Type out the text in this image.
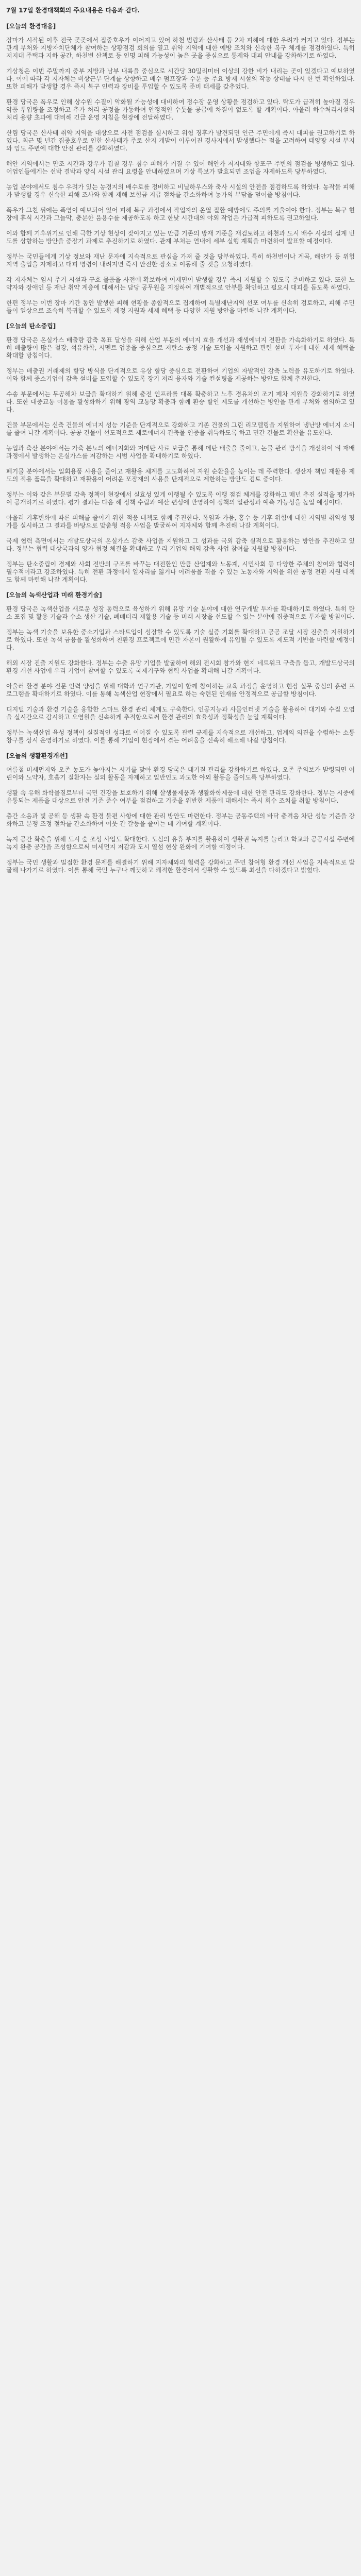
7월 17일 환경대책회의 주요내용은 다음과 같다.

[오늘의 환경대응]

장마가 시작된 이후 전국 곳곳에서 집중호우가 이어지고 있어 하천 범람과 산사태 등 2차 피해에 대한 우려가 커지고 있다. 정부는 관계 부처와 지방자치단체가 참여하는 상황점검 회의를 열고 취약 지역에 대한 예방 조치와 신속한 복구 체계를 점검하였다. 특히 저지대 주택과 지하 공간, 하천변 산책로 등 인명 피해 가능성이 높은 곳을 중심으로 통제와 대피 안내를 강화하기로 하였다.

기상청은 이번 주말까지 중부 지방과 남부 내륙을 중심으로 시간당 30밀리미터 이상의 강한 비가 내리는 곳이 있겠다고 예보하였다. 이에 따라 각 지자체는 비상근무 단계를 상향하고 배수 펌프장과 수문 등 주요 방재 시설의 작동 상태를 다시 한 번 확인하였다. 또한 피해가 발생할 경우 즉시 복구 인력과 장비를 투입할 수 있도록 준비 태세를 갖추었다.

환경 당국은 폭우로 인해 상수원 수질이 악화될 가능성에 대비하여 정수장 운영 상황을 점검하고 있다. 탁도가 급격히 높아질 경우 약품 투입량을 조정하고 추가 처리 공정을 가동하여 안정적인 수돗물 공급에 차질이 없도록 할 계획이다. 아울러 하수처리시설의 처리 용량 초과에 대비해 긴급 운영 지침을 현장에 전달하였다.

산림 당국은 산사태 취약 지역을 대상으로 사전 점검을 실시하고 위험 징후가 발견되면 인근 주민에게 즉시 대피를 권고하기로 하였다. 최근 몇 년간 집중호우로 인한 산사태가 주로 산지 개발이 이루어진 경사지에서 발생했다는 점을 고려하여 태양광 시설 부지와 임도 주변에 대한 안전 관리를 강화하였다.

해안 지역에서는 만조 시간과 강우가 겹칠 경우 침수 피해가 커질 수 있어 해안가 저지대와 항포구 주변의 점검을 병행하고 있다. 어업인들에게는 선박 결박과 양식 시설 관리 요령을 안내하였으며 기상 특보가 발효되면 조업을 자제하도록 당부하였다.

농업 분야에서도 침수 우려가 있는 농경지의 배수로를 정비하고 비닐하우스와 축사 시설의 안전을 점검하도록 하였다. 농작물 피해가 발생할 경우 신속한 피해 조사와 함께 재해 보험금 지급 절차를 간소화하여 농가의 부담을 덜어줄 방침이다.

폭우가 그친 뒤에는 폭염이 예보되어 있어 피해 복구 과정에서 작업자의 온열 질환 예방에도 주의를 기울여야 한다. 정부는 복구 현장에 휴식 시간과 그늘막, 충분한 음용수를 제공하도록 하고 한낮 시간대의 야외 작업은 가급적 피하도록 권고하였다.

이와 함께 기후위기로 인해 극한 기상 현상이 잦아지고 있는 만큼 기존의 방재 기준을 재검토하고 하천과 도시 배수 시설의 설계 빈도를 상향하는 방안을 중장기 과제로 추진하기로 하였다. 관계 부처는 연내에 세부 실행 계획을 마련하여 발표할 예정이다.

정부는 국민들에게 기상 정보와 재난 문자에 지속적으로 관심을 가져 줄 것을 당부하였다. 특히 하천변이나 계곡, 해안가 등 위험 지역 출입을 자제하고 대피 명령이 내려지면 즉시 안전한 장소로 이동해 줄 것을 요청하였다.

각 지자체는 임시 주거 시설과 구호 물품을 사전에 확보하여 이재민이 발생할 경우 즉시 지원할 수 있도록 준비하고 있다. 또한 노약자와 장애인 등 재난 취약 계층에 대해서는 담당 공무원을 지정하여 개별적으로 안부를 확인하고 필요시 대피를 돕도록 하였다.

한편 정부는 이번 장마 기간 동안 발생한 피해 현황을 종합적으로 집계하여 특별재난지역 선포 여부를 신속히 검토하고, 피해 주민들이 일상으로 조속히 복귀할 수 있도록 재정 지원과 세제 혜택 등 다양한 지원 방안을 마련해 나갈 계획이다.

[오늘의 탄소중립]

환경 당국은 온실가스 배출량 감축 목표 달성을 위해 산업 부문의 에너지 효율 개선과 재생에너지 전환을 가속화하기로 하였다. 특히 배출량이 많은 철강, 석유화학, 시멘트 업종을 중심으로 저탄소 공정 기술 도입을 지원하고 관련 설비 투자에 대한 세제 혜택을 확대할 방침이다.

정부는 배출권 거래제의 할당 방식을 단계적으로 유상 할당 중심으로 전환하여 기업의 자발적인 감축 노력을 유도하기로 하였다. 이와 함께 중소기업이 감축 설비를 도입할 수 있도록 장기 저리 융자와 기술 컨설팅을 제공하는 방안도 함께 추진한다.

수송 부문에서는 무공해차 보급을 확대하기 위해 충전 인프라를 대폭 확충하고 노후 경유차의 조기 폐차 지원을 강화하기로 하였다. 또한 대중교통 이용을 활성화하기 위해 광역 교통망 확충과 함께 환승 할인 제도를 개선하는 방안을 관계 부처와 협의하고 있다.

건물 부문에서는 신축 건물의 에너지 성능 기준을 단계적으로 강화하고 기존 건물의 그린 리모델링을 지원하여 냉난방 에너지 소비를 줄여 나갈 계획이다. 공공 건물이 선도적으로 제로에너지 건축물 인증을 취득하도록 하고 민간 건물로 확산을 유도한다.

농업과 축산 분야에서는 가축 분뇨의 에너지화와 저메탄 사료 보급을 통해 메탄 배출을 줄이고, 논물 관리 방식을 개선하여 벼 재배 과정에서 발생하는 온실가스를 저감하는 시범 사업을 확대하기로 하였다.

폐기물 분야에서는 일회용품 사용을 줄이고 재활용 체계를 고도화하여 자원 순환율을 높이는 데 주력한다. 생산자 책임 재활용 제도의 적용 품목을 확대하고 재활용이 어려운 포장재의 사용을 단계적으로 제한하는 방안도 검토 중이다.

정부는 이와 같은 부문별 감축 정책이 현장에서 실효성 있게 이행될 수 있도록 이행 점검 체계를 강화하고 매년 추진 실적을 평가하여 공개하기로 하였다. 평가 결과는 다음 해 정책 수립과 예산 편성에 반영하여 정책의 일관성과 예측 가능성을 높일 예정이다.

아울러 기후변화에 따른 피해를 줄이기 위한 적응 대책도 함께 추진한다. 폭염과 가뭄, 홍수 등 기후 위험에 대한 지역별 취약성 평가를 실시하고 그 결과를 바탕으로 맞춤형 적응 사업을 발굴하여 지자체와 함께 추진해 나갈 계획이다.

국제 협력 측면에서는 개발도상국의 온실가스 감축 사업을 지원하고 그 성과를 국외 감축 실적으로 활용하는 방안을 추진하고 있다. 정부는 협력 대상국과의 양자 협정 체결을 확대하고 우리 기업의 해외 감축 사업 참여를 지원할 방침이다.

정부는 탄소중립이 경제와 사회 전반의 구조를 바꾸는 대전환인 만큼 산업계와 노동계, 시민사회 등 다양한 주체의 참여와 협력이 필수적이라고 강조하였다. 특히 전환 과정에서 일자리를 잃거나 어려움을 겪을 수 있는 노동자와 지역을 위한 공정 전환 지원 대책도 함께 마련해 나갈 계획이다.

[오늘의 녹색산업과 미래 환경기술]

환경 당국은 녹색산업을 새로운 성장 동력으로 육성하기 위해 유망 기술 분야에 대한 연구개발 투자를 확대하기로 하였다. 특히 탄소 포집 및 활용 기술과 수소 생산 기술, 폐배터리 재활용 기술 등 미래 시장을 선도할 수 있는 분야에 집중적으로 투자할 방침이다.

정부는 녹색 기술을 보유한 중소기업과 스타트업이 성장할 수 있도록 기술 실증 기회를 확대하고 공공 조달 시장 진출을 지원하기로 하였다. 또한 녹색 금융을 활성화하여 친환경 프로젝트에 민간 자본이 원활하게 유입될 수 있도록 제도적 기반을 마련할 예정이다.

해외 시장 진출 지원도 강화한다. 정부는 수출 유망 기업을 발굴하여 해외 전시회 참가와 현지 네트워크 구축을 돕고, 개발도상국의 환경 개선 사업에 우리 기업이 참여할 수 있도록 국제기구와 협력 사업을 확대해 나갈 계획이다.

아울러 환경 분야 전문 인력 양성을 위해 대학과 연구기관, 기업이 함께 참여하는 교육 과정을 운영하고 현장 실무 중심의 훈련 프로그램을 확대하기로 하였다. 이를 통해 녹색산업 현장에서 필요로 하는 숙련된 인재를 안정적으로 공급할 방침이다.

디지털 기술과 환경 기술을 융합한 스마트 환경 관리 체계도 구축한다. 인공지능과 사물인터넷 기술을 활용하여 대기와 수질 오염을 실시간으로 감시하고 오염원을 신속하게 추적함으로써 환경 관리의 효율성과 정확성을 높일 계획이다.

정부는 녹색산업 육성 정책이 실질적인 성과로 이어질 수 있도록 관련 규제를 지속적으로 개선하고, 업계의 의견을 수렴하는 소통 창구를 상시 운영하기로 하였다. 이를 통해 기업이 현장에서 겪는 어려움을 신속히 해소해 나갈 방침이다.

[오늘의 생활환경개선]

여름철 미세먼지와 오존 농도가 높아지는 시기를 맞아 환경 당국은 대기질 관리를 강화하기로 하였다. 오존 주의보가 발령되면 어린이와 노약자, 호흡기 질환자는 실외 활동을 자제하고 일반인도 과도한 야외 활동을 줄이도록 당부하였다.

생활 속 유해 화학물질로부터 국민 건강을 보호하기 위해 살생물제품과 생활화학제품에 대한 안전 관리도 강화한다. 정부는 시중에 유통되는 제품을 대상으로 안전 기준 준수 여부를 점검하고 기준을 위반한 제품에 대해서는 즉시 회수 조치를 취할 방침이다.

층간 소음과 빛 공해 등 생활 속 환경 불편 사항에 대한 관리 방안도 마련한다. 정부는 공동주택의 바닥 충격음 차단 성능 기준을 강화하고 분쟁 조정 절차를 간소화하여 이웃 간 갈등을 줄이는 데 기여할 계획이다.

녹지 공간 확충을 위해 도시 숲 조성 사업도 확대한다. 도심의 유휴 부지를 활용하여 생활권 녹지를 늘리고 학교와 공공시설 주변에 녹지 완충 공간을 조성함으로써 미세먼지 저감과 도시 열섬 현상 완화에 기여할 예정이다.

정부는 국민 생활과 밀접한 환경 문제를 해결하기 위해 지자체와의 협력을 강화하고 주민 참여형 환경 개선 사업을 지속적으로 발굴해 나가기로 하였다. 이를 통해 국민 누구나 깨끗하고 쾌적한 환경에서 생활할 수 있도록 최선을 다하겠다고 밝혔다.
